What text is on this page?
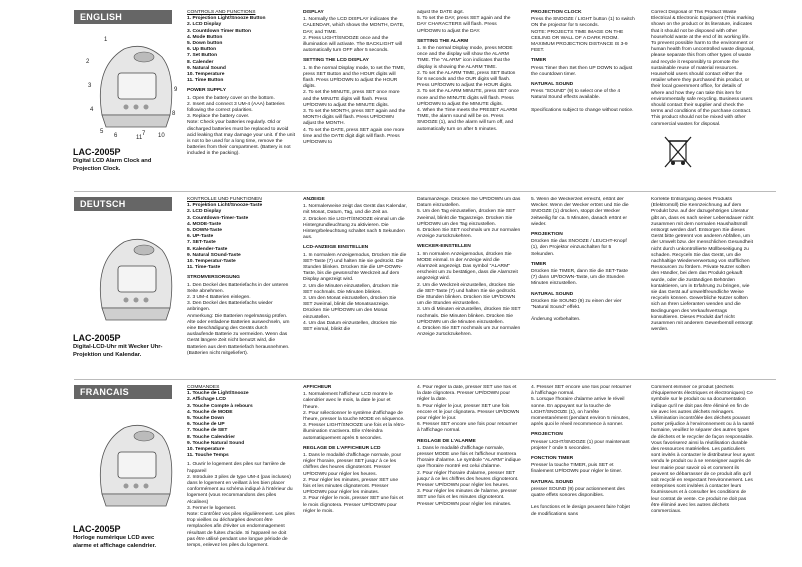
ENGLISH
1
2
3
4
5
6	7
8
9
10
11
LAC-2005P
Digital LCD Alarm Clock and Projection Clock.
CONTROLS AND FUNCTIONS
1. Projection Light/Snooze Button
2. LCD Display
3. Countdown Timer Button
4. Mode Button
5. Down button
6. Up Button
7. Set Button
8. Calender
9. Natural Sound
10. Temperature
11. Time Button
POWER SUPPLY
1. Open the battery cover on the bottom.
2. Insert and connect 3 UM-4 (AAA) batteries following the correct polarities.
3. Replace the battery cover.
Note: Check your batteries regularly. Old or discharged batteries must be replaced to avoid acid leaking that may damage your unit. If the unit is not to be used for a long time, remove the batteries from their compartment. (Battery is not included in the packing).
DISPLAY
1. Normally the LCD DISPLAY indicates the CALENDAR, which shows the MONTH, DATE, DAY, and TIME.
2. Press LIGHT/SNOOZE once and the illumination will activate. The BACKLIGHT will automatically turn OFF after 5 seconds.
SETTING THE LCD DISPLAY
1. In the normal Display mode, to set the TIME, press SET Button and the HOUR digits will flash. Press UP/DOWN to adjust the HOUR digits.
2. To set the MINUTE, press SET once more and the MINUTE digits will flash. Press UP/DOWN to adjust the MINUTE digits.
3. To set the MONTH, press SET again and the MONTH digits will flash. Press UP/DOWN adjust the MONTH.
4. To set the DATE, press SET again one more time and the DATE digit digit will flash. Press UP/DOWN to
adjust the DATE digit.
5. To set the DAY, press SET again and the DAY CHARACTERS will flash. Press UP/DOWN to adjust the DAY.
SETTING THE ALARM
1. In the normal Display mode, press MODE once and the display will show the ALARM TIME. The "ALARM" icon indicates that the display is showing the ALARM TIME.
2. To set the ALARM TIME, press SET Button for 6 seconds and the OUR digits will flash. Press UP/DOWN to adjust the HOUR digits.
3. To set the ALARM MINUTE, press SET once more and the MINUTE digits will flash. Press UP/DOWN to adjust the MINUTE digits.
4. When the Time meets the PRESET ALARM TIME, the alarm sound will be on. Press SNOOZE (1), and the alarm will turn off, and automatically turn on after 5 minutes.
PROJECTION CLOCK
Press the SNOOZE / LIGHT button (1) to switch ON the projector for 5 seconds.
NOTE: PROJECTS TIME IMAGE ON THE CEILING OR WALL OF A DARK ROOM. MAXIMUM PROJECTION DISTANCE IS 3-9 FEET.
TIMER
Press Timer then Set then UP DOWN to adjust the countdown timer.
NATURAL SOUND
Press "SOUND" (9) to select one of the 4 Natural Sound effects available.

Specifications subject to change without notice.
Correct Disposal of This Product Waste Electrical & Electronic Equipment (This marking shown on the product or its literature, indicates that it should not be disposed with other household waste at the end of its working life. To prevent possible harm to the environment or human health from uncontrolled waste disposal, please separate this from other types of waste and recycle it responsibly to promote the sustainable reuse of material resources. Household users should contact either the retailer where they purchased this product, or their local government office, for details of where and how they can take this item for environmentally safe recycling. Business users should contact their supplier and check the terms and conditions of the purchase contract. This product should not be mixed with other commercial wastes for disposal.
DEUTSCH
LAC-2005P
Digital-LCD-Uhr mit Wecker Uhr-Projektion und Kalendar.
KONTROLLE UND FUNKTIONEN
1. Projektion Licht/Snooze-Taste
2. LCD Display
3. Countdown-Timer-Taste
4. MODE-Taste
5. DOWN-Taste
6. UP-Taste
7. SET-Taste
8. Kalender-Taste
9. Natural SOund-Taste
10. Temperatur-Taste
11. Time-Taste
STROMVERSORGUNG
1. Den Deckel des Batteriefachs in der unteren Seite abnehmen.
2. 3 UM-4 Batterien einlegen.
3. Den Deckel des Batteriefachs wieder anbringen.
Anmerkung: Die Batterien regelmässig prüfen. Alte oder entladene Batterien auswechseln, um eine Beschädigung des Geräts durch auslaufende Batterie zu vermeiden. Wenn das Gerät längere Zeit nicht benutzt wird, die Batterien aus dem Batteriefach herausnehmen. (Batterien nicht mitgeliefert).
ANZEIGE
1. Normalerweise zeigt das Gerät das Kalendar, mit Monat, Datum, Tag, und die Zeit an.
2. Drücken Sie LIGHT/SNOOZE einmal um die Hintergrundleuchtung zu aktivieren. Die Hintergrbeleuchtung schaltet nach 5 Sekunden aus.
LCD-ANZEIGE EINSTELLEN
1. In normalem Anzeigemodus, Drücken Sie die SET-Taste (7) und halten Sie sie gedrückt. Die Stunden blinken. Drücken Sie die UP-DOWN-Taste, bis die gewünschte Weckzeit auf dem Display angezeigt wird.
2. Um die Minuten einzustellen, drücken Sie SET nochmals. Die Minuten blinken.
3. Um den Monat einzustellen, drücken Sie SET zweimal, blinkt die Monatsanzeige. Drücken Sie UP/DOWN um den Monat einzustellen.
4. Um das Datum einzustellen, drücken Sie SET einmal, blinkt die
Datumanzeige. Drücken Sie UP/DOWN um das Datum einzustellen.
5. Um den Tag einzustellen, drücken Sie SET zweimal, blinkt die Taganzeige. Drücken Sie UP/DOWN um den Tag einzustellen.
6. Drücken Sie SET nochmals um zur normalen Anzeige zurückzukehren.
WECKER-EINSTELLEN
1. Im normalen Anzeigemodus, drücken Sie MODE einmal. In der Anzeige wird die Alarmzeit angezeigt. Das symbol "ALARM" erscheint um zu bestätigen, dass die Alarmzeit angezeigt wird.
2. Um die Weckzeit einzustellen, drücken Sie die SET-Taste (7) und halten Sie sie gedrückt. Die Stunden blinken. Drücken Sie UP/DOWN um die Stunden einzustellen.
3. Um di Minuten einzustellen, drücken Sie SET nochmals. Die Minuten blinken. Drücken Sie UP/DOWN um die Minuten einzustellen.
4. Drücken Sie SET nochmals um zur normalen Anzeige zurückzukehren.
5. Wenn die Weckerzeit erreicht, ertönt der Wecker. Wenn der Wecker ertönt und Sie die SNOOZE (1) drücken, stoppt der Wecker zeitweilig für ca. 5 Minuten, danach ertönt er wieder.
PROJEKTION
Drücken Sie das SNOOZE / LEUCHT-Knopf (1), den Projektor einzuschalten für 5 Sekunden.
TIMER
Drücken Sie TIMER, dann Sie die SET-Taste (7) dann UP/DOWN-Taste, um die Stunden Minuten einzustellen.
NATURAL SOUND
Drücken Sie SOUND (9) zu einen der vier "Natural Sound" effekt.

Änderung vorbehalten.
Korrekte Entsorgung dieses Produkts (Elektromüll) Die Kennzeichnung auf dem Produkt bzw. auf der dazugehörigen Literatur gibt an, dass es nach seiner Lebensdauer nicht zusammen mit dem normalen Haushaltsmüll entsorgt werden darf. Entsorgen Sie dieses Gerät bitte getrennt von anderen Abfällen, um der Umwelt bzw. der menschlichen Gesundheit nicht durch unkontrollierte Müllbeseitigung zu schaden. Recyceln Sie das Gerät, um die nachhaltige Wiederverwertung von stofflichen Ressourcen zu fördern. Private Nutzer sollten den Händler, bei dem das Produkt gekauft wurde, oder die zuständigen Behörden kontaktieren, um in Erfahrung zu bringen, wie sie das Gerät auf umweltfreundliche Weise recyceln können. Gewerbliche Nutzer sollten sich an Ihren Lieferanten wenden und die Bedingungen des Verkaufsvertrags konsultieren. Dieses Produkt darf nicht zusammen mit anderem Gewerbemüll entsorgt werden.
FRANCAIS
LAC-2005P
Horloge numérique LCD avec alarme et affichage calendrier.
COMMANDES
1. Touche de Light/Snooze
2. Affichage LCD
3. Touche Compte à rebours
4. Touche de MODE
5. Touche Down
6. Touche de UP
7. Touche de SET
8. Touche Calendrier
9. Touche Natural Sound
10. Temperature
11. Touche Temps
1. Ouvrir le logement des piles sur l'arrière de l'appareil
2. Introduire 3 piles de type UM-4 (pas incluses) dans le logement en veillant à les bien placer conformément au schéma indiqué à l'intérieur du logement (vous recommandons des piles Alcalines)
3. Fermer le logement.
Note: Contrôlez vos piles régulièrement. Les piles trop vieilles ou déchargées devront être remplacées afin d'éviter un endommagement résultant de fuites d'acide. Si l'appareil ne doit pas être utilisé pendant une longue période de temps, enlevez les piles du logement.
AFFICHEUR
1. Normalement l'afficheur LCD montre le calendrier avec le mois, la date le jour et l'heure.
2. Pour sélectionner le système d'affichage de l'heure, presser la touche MODE en séquence.
3. Presser LIGHT/SNOOZE une fois et la rétro-illumination s'activera. Elle s'éteindra automatiquement après 5 secondes.
REGLAGE DE L'AFFICHEUR LCD
1. Dans le modalité d'affichage normale, pour régler l'horaire, presser SET jusqu' à ce les chiffres des heures clignoteront. Presser UP/DOWN pour régler les heures.
2. Pour régler les minutes, presser SET une fois et les minutes clignoteront. Presser UP/DOWN pour régler les minutes.
3. Pour régler le mois, presser SET une fois et le mois clignotera. Presser UP/DOWN pour régler le mois.
4. Pour régler la date, presser SET une fois et la date clignotera. Presser UP/DOWN pour régler la date.
5. Pour régler le jour, presser SET une fois encore et le jour clignotera. Presser UP/DOWN pour régler le jour.
6. Presser SET encore une fois pour retourner à l'affichage normal.
REGLAGE DE L'ALARME
1. Dans le modalité d'affichage normale, presser MODE une fois et l'afficheur montrera l'horaire d'alarme. Le symbole "ALARM" indique que l'horaire montré est celui d'alarme.
2. Pour régler l'horaire d'alarme, presser SET jusqu' à ce les chiffres des heures clignoteront. Presser UP/DOWN pour régler les heures.
3. Pour régler les minutes de l'alarme, presser SET une fois et les minutes clignoteront. Presser UP/DOWN pour régler les minutes.
4. Presser SET encore une fois pour retourner à l'affichage normal.
5. Lorsque l'horaire d'alarme arrive le réveil sonne. En appuyant sur la touche de LIGHT/SNOOZE (1), on l'arrête momentanément (pendant environ 5 minutes, après quoi le réveil recommence à sonner.
PROJECTION
Presser LIGHT/SNOOZE (1) pour maintenant projeter l' onde 5 secondes.
FONCTION TIMER
Presser la touche TIMER, puis SET et finalement UP/DOWN pour régler le timer.
NATURAL SOUND
presser SOUND (9) pour actionnement des quatre effets sonores disponibles.

Les fonctions et le design peuvent faire l'objet de modifications sans
Comment éliminer ce produit (déchets d'équipements électriques et électroniques) Ce symbole sur le produit ou sa documentation indique qu'il ne doit pas être éliminé en fin de vie avec les autres déchets ménagers. L'élimination incontrôlée des déchets pouvant porter préjudice à l'environnement ou à la santé humaine, veuillez le séparer des autres types de déchets et le recycler de façon responsable. Vous favoriserez ainsi la réutilisation durable des ressources matérielles. Les particuliers sont invités à contacter le distributeur leur ayant vendu le produit ou à se renseigner auprès de leur mairie pour savoir où et comment ils peuvent se débarrasser de ce produit afin qu'il soit recyclé en respectant l'environnement. Les entreprises sont invitées à contacter leurs fournisseurs et à consulter les conditions de leur contrat de vente. Ce produit ne doit pas être éliminé avec les autres déchets commerciaux.
